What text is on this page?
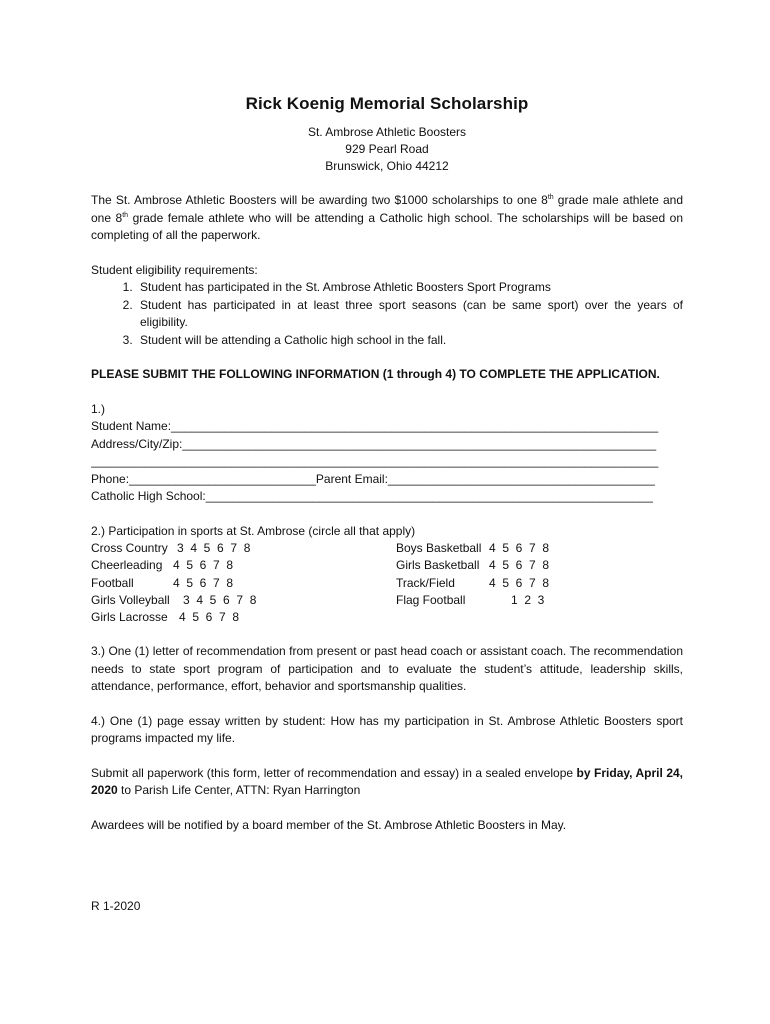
Rick Koenig Memorial Scholarship
St. Ambrose Athletic Boosters
929 Pearl Road
Brunswick, Ohio 44212
The St. Ambrose Athletic Boosters will be awarding two $1000 scholarships to one 8th grade male athlete and one 8th grade female athlete who will be attending a Catholic high school. The scholarships will be based on completing of all the paperwork.
Student eligibility requirements:
1. Student has participated in the St. Ambrose Athletic Boosters Sport Programs
2. Student has participated in at least three sport seasons (can be same sport) over the years of eligibility.
3. Student will be attending a Catholic high school in the fall.
PLEASE SUBMIT THE FOLLOWING INFORMATION (1 through 4) TO COMPLETE THE APPLICATION.
1.)
Student Name:_________________________________________________________________________
Address/City/Zip:_______________________________________________________________________
_____________________________________________________________________________________
Phone:____________________________Parent Email:________________________________________
Catholic High School:___________________________________________________________________
2.) Participation in sports at St. Ambrose (circle all that apply)
Cross Country 3  4  5  6  7  8
Cheerleading 4  5  6  7  8
Football	4  5  6  7  8
Girls Volleyball 3  4  5  6  7  8
Girls Lacrosse 4  5  6  7  8
Boys Basketball 4  5  6  7  8
Girls Basketball 4  5  6  7  8
Track/Field	4  5  6  7  8
Flag Football	1  2  3
3.) One (1) letter of recommendation from present or past head coach or assistant coach. The recommendation needs to state sport program of participation and to evaluate the student’s attitude, leadership skills, attendance, performance, effort, behavior and sportsmanship qualities.
4.) One (1) page essay written by student: How has my participation in St. Ambrose Athletic Boosters sport programs impacted my life.
Submit all paperwork (this form, letter of recommendation and essay) in a sealed envelope by Friday, April 24, 2020 to Parish Life Center, ATTN: Ryan Harrington
Awardees will be notified by a board member of the St. Ambrose Athletic Boosters in May.
R 1-2020
